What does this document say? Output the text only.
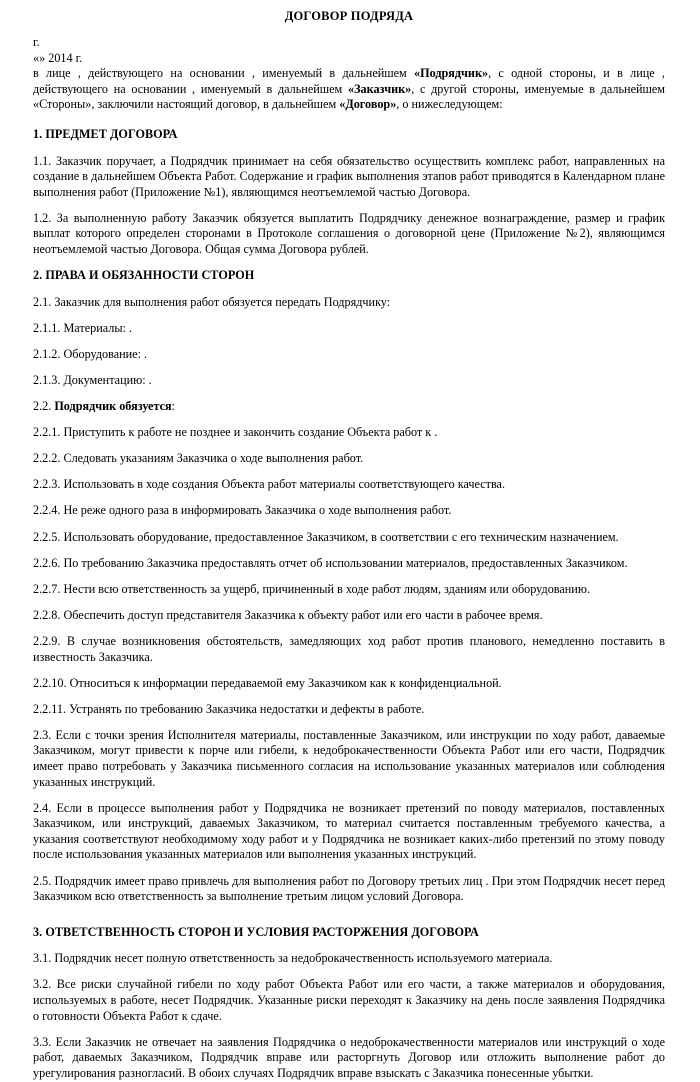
ДОГОВОР ПОДРЯДА

г.

«» 2014 г.

в лице , действующего на основании , именуемый в дальнейшем «Подрядчик», с одной стороны, и в лице , действующего на основании , именуемый в дальнейшем «Заказчик», с другой стороны, именуемые в дальнейшем «Стороны», заключили настоящий договор, в дальнейшем «Договор», о нижеследующем:

1. ПРЕДМЕТ ДОГОВОРА

1.1. Заказчик поручает, а Подрядчик принимает на себя обязательство осуществить комплекс работ, направленных на создание в дальнейшем Объекта Работ. Содержание и график выполнения этапов работ приводятся в Календарном плане выполнения работ (Приложение №1), являющимся неотъемлемой частью Договора.

1.2. За выполненную работу Заказчик обязуется выплатить Подрядчику денежное вознаграждение, размер и график выплат которого определен сторонами в Протоколе соглашения о договорной цене (Приложение №2), являющимся неотъемлемой частью Договора. Общая сумма Договора рублей.

2. ПРАВА И ОБЯЗАННОСТИ СТОРОН

2.1. Заказчик для выполнения работ обязуется передать Подрядчику:

2.1.1. Материалы: .

2.1.2. Оборудование: .

2.1.3. Документацию: .

2.2. Подрядчик обязуется:

2.2.1. Приступить к работе не позднее и закончить создание Объекта работ к .

2.2.2. Следовать указаниям Заказчика о ходе выполнения работ.

2.2.3. Использовать в ходе создания Объекта работ материалы соответствующего качества.

2.2.4. Не реже одного раза в информировать Заказчика о ходе выполнения работ.

2.2.5. Использовать оборудование, предоставленное Заказчиком, в соответствии с его техническим назначением.

2.2.6. По требованию Заказчика предоставлять отчет об использовании материалов, предоставленных Заказчиком.

2.2.7. Нести всю ответственность за ущерб, причиненный в ходе работ людям, зданиям или оборудованию.

2.2.8. Обеспечить доступ представителя Заказчика к объекту работ или его части в рабочее время.

2.2.9. В случае возникновения обстоятельств, замедляющих ход работ против планового, немедленно поставить в известность Заказчика.

2.2.10. Относиться к информации передаваемой ему Заказчиком как к конфиденциальной.

2.2.11. Устранять по требованию Заказчика недостатки и дефекты в работе.

2.3. Если с точки зрения Исполнителя материалы, поставленные Заказчиком, или инструкции по ходу работ, даваемые Заказчиком, могут привести к порче или гибели, к недоброкачественности Объекта Работ или его части, Подрядчик имеет право потребовать у Заказчика письменного согласия на использование указанных материалов или соблюдения указанных инструкций.

2.4. Если в процессе выполнения работ у Подрядчика не возникает претензий по поводу материалов, поставленных Заказчиком, или инструкций, даваемых Заказчиком, то материал считается поставленным требуемого качества, а указания соответствуют необходимому ходу работ и у Подрядчика не возникает каких-либо претензий по этому поводу после использования указанных материалов или выполнения указанных инструкций.

2.5. Подрядчик имеет право привлечь для выполнения работ по Договору третьих лиц . При этом Подрядчик несет перед Заказчиком всю ответственность за выполнение третьим лицом условий Договора.

3. ОТВЕТСТВЕННОСТЬ СТОРОН И УСЛОВИЯ РАСТОРЖЕНИЯ ДОГОВОРА

3.1. Подрядчик несет полную ответственность за недоброкачественность используемого материала.

3.2. Все риски случайной гибели по ходу работ Объекта Работ или его части, а также материалов и оборудования, используемых в работе, несет Подрядчик. Указанные риски переходят к Заказчику на день после заявления Подрядчика о готовности Объекта Работ к сдаче.

3.3. Если Заказчик не отвечает на заявления Подрядчика о недоброкачественности материалов или инструкций о ходе работ, даваемых Заказчиком, Подрядчик вправе или расторгнуть Договор или отложить выполнение работ до урегулирования разногласий. В обоих случаях Подрядчик вправе взыскать с Заказчика понесенные убытки.
